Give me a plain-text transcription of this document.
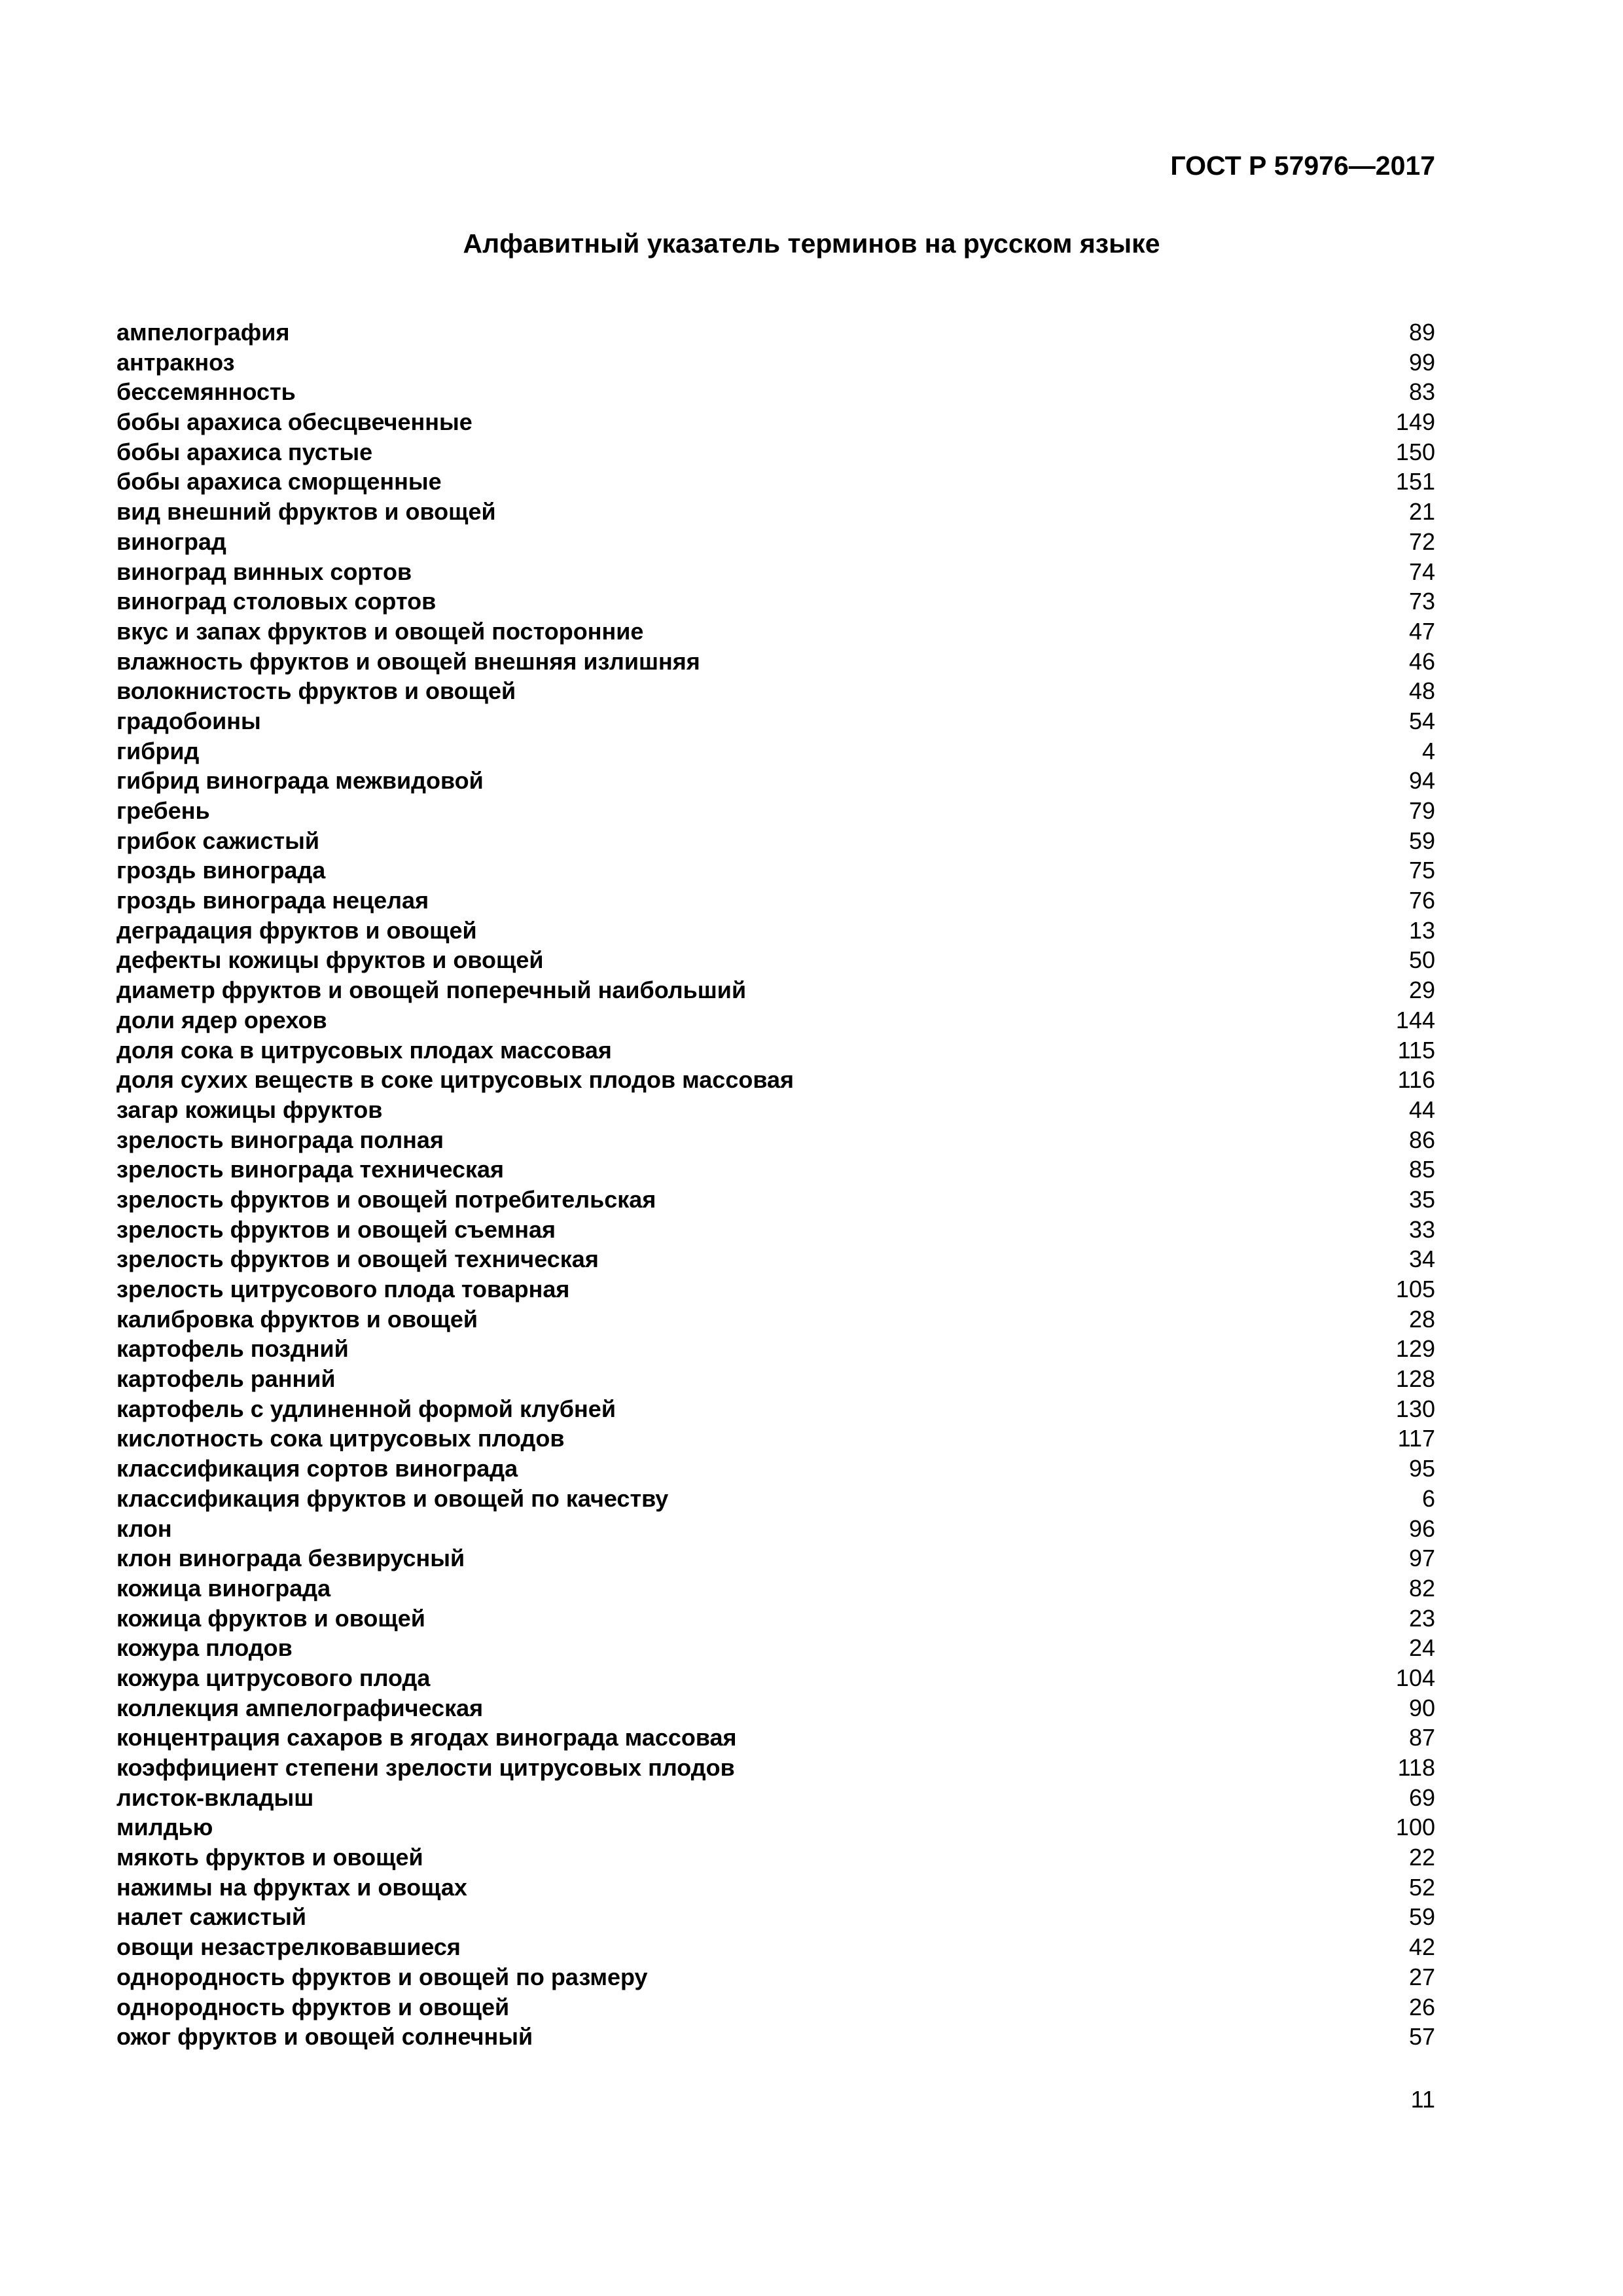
ГОСТ Р 57976—2017
Алфавитный указатель терминов на русском языке
ампелография	89
антракноз	99
бессемянность	83
бобы арахиса обесцвеченные	149
бобы арахиса пустые	150
бобы арахиса сморщенные	151
вид внешний фруктов и овощей	21
виноград	72
виноград винных сортов	74
виноград столовых сортов	73
вкус и запах фруктов и овощей посторонние	47
влажность фруктов и овощей внешняя излишняя	46
волокнистость фруктов и овощей	48
градобоины	54
гибрид	4
гибрид винограда межвидовой	94
гребень	79
грибок сажистый	59
гроздь винограда	75
гроздь винограда нецелая	76
деградация фруктов и овощей	13
дефекты кожицы фруктов и овощей	50
диаметр фруктов и овощей поперечный наибольший	29
доли ядер орехов	144
доля сока в цитрусовых плодах массовая	115
доля сухих веществ в соке цитрусовых плодов массовая	116
загар кожицы фруктов	44
зрелость винограда полная	86
зрелость винограда техническая	85
зрелость фруктов и овощей потребительская	35
зрелость фруктов и овощей съемная	33
зрелость фруктов и овощей техническая	34
зрелость цитрусового плода товарная	105
калибровка фруктов и овощей	28
картофель поздний	129
картофель ранний	128
картофель с удлиненной формой клубней	130
кислотность сока цитрусовых плодов	117
классификация сортов винограда	95
классификация фруктов и овощей по качеству	6
клон	96
клон винограда безвирусный	97
кожица винограда	82
кожица фруктов и овощей	23
кожура плодов	24
кожура цитрусового плода	104
коллекция ампелографическая	90
концентрация сахаров в ягодах винограда массовая	87
коэффициент степени зрелости цитрусовых плодов	118
листок-вкладыш	69
милдью	100
мякоть фруктов и овощей	22
нажимы на фруктах и овощах	52
налет сажистый	59
овощи незастрелковавшиеся	42
однородность фруктов и овощей по размеру	27
однородность фруктов и овощей	26
ожог фруктов и овощей солнечный	57
11
